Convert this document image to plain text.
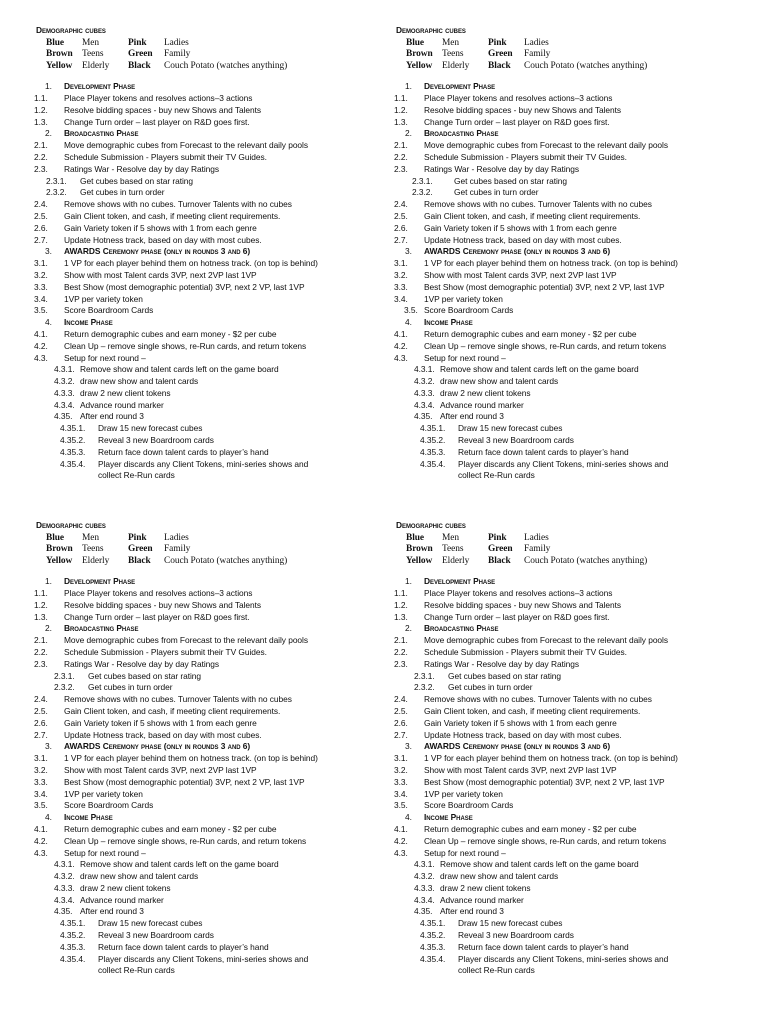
Demographic cubes
Blue	Men	Pink	Ladies
Brown Teens	Green	Family
Yellow	Elderly	Black	Couch Potato (watches anything)
1.	Development Phase
1.1.	Place Player tokens and resolves actions–3 actions
1.2.	Resolve bidding spaces - buy new Shows and Talents
1.3.	Change Turn order – last player on R&D goes first.
2.	Broadcasting Phase
2.1.	Move demographic cubes from Forecast to the relevant daily pools
2.2.	Schedule Submission - Players submit their TV Guides.
2.3.	Ratings War - Resolve day by day Ratings
2.3.1.	Get cubes based on star rating
2.3.2.	Get cubes in turn order
2.4.	Remove shows with no cubes. Turnover Talents with no cubes
2.5.	Gain Client token, and cash, if meeting client requirements.
2.6.	Gain Variety token if 5 shows with 1 from each genre
2.7.	Update Hotness track, based on day with most cubes.
3.	AWARDS Ceremony phase (only in rounds 3 and 6)
3.1.	1 VP for each player behind them on hotness track. (on top is behind)
3.2.	Show with most Talent cards 3VP, next 2VP last 1VP
3.3.	Best Show (most demographic potential) 3VP, next 2 VP, last 1VP
3.4.	1VP per variety token
3.5.	Score Boardroom Cards
4.	Income Phase
4.1.	Return demographic cubes and earn money - $2 per cube
4.2.	Clean Up – remove single shows, re-Run cards, and return tokens
4.3.	Setup for next round –
4.3.1. Remove show and talent cards left on the game board
4.3.2. draw new show and talent cards
4.3.3. draw 2 new client tokens
4.3.4. Advance round marker
4.35. After end round 3
4.35.1.	Draw 15 new forecast cubes
4.35.2.	Reveal 3 new Boardroom cards
4.35.3.	Return face down talent cards to player’s hand
4.35.4.	Player discards any Client Tokens, mini-series shows and
collect Re-Run cards
Demographic cubes
Blue	Men	Pink	Ladies
Brown Teens	Green	Family
Yellow	Elderly	Black	Couch Potato (watches anything)
1.	Development Phase
1.1.	Place Player tokens and resolves actions–3 actions
1.2.	Resolve bidding spaces - buy new Shows and Talents
1.3.	Change Turn order – last player on R&D goes first.
2.	Broadcasting Phase
2.1.	Move demographic cubes from Forecast to the relevant daily pools
2.2.	Schedule Submission - Players submit their TV Guides.
2.3.	Ratings War - Resolve day by day Ratings
2.3.1.	Get cubes based on star rating
2.3.2.	Get cubes in turn order
2.4.	Remove shows with no cubes. Turnover Talents with no cubes
2.5.	Gain Client token, and cash, if meeting client requirements.
2.6.	Gain Variety token if 5 shows with 1 from each genre
2.7.	Update Hotness track, based on day with most cubes.
3.	AWARDS Ceremony phase (only in rounds 3 and 6)
3.1.	1 VP for each player behind them on hotness track. (on top is behind)
3.2.	Show with most Talent cards 3VP, next 2VP last 1VP
3.3.	Best Show (most demographic potential) 3VP, next 2 VP, last 1VP
3.4.	1VP per variety token
3.5. Score Boardroom Cards
4.	Income Phase
4.1.	Return demographic cubes and earn money - $2 per cube
4.2.	Clean Up – remove single shows, re-Run cards, and return tokens
4.3.	Setup for next round –
4.3.1. Remove show and talent cards left on the game board
4.3.2. draw new show and talent cards
4.3.3. draw 2 new client tokens
4.3.4. Advance round marker
4.35. After end round 3
4.35.1.	Draw 15 new forecast cubes
4.35.2.	Reveal 3 new Boardroom cards
4.35.3.	Return face down talent cards to player’s hand
4.35.4.	Player discards any Client Tokens, mini-series shows and
collect Re-Run cards
Demographic cubes
Blue	Men	Pink	Ladies
Brown Teens	Green	Family
Yellow	Elderly	Black	Couch Potato (watches anything)
1.	Development Phase
1.1.	Place Player tokens and resolves actions–3 actions
1.2.	Resolve bidding spaces - buy new Shows and Talents
1.3.	Change Turn order – last player on R&D goes first.
2.	Broadcasting Phase
2.1.	Move demographic cubes from Forecast to the relevant daily pools
2.2.	Schedule Submission - Players submit their TV Guides.
2.3.	Ratings War - Resolve day by day Ratings
2.3.1.	Get cubes based on star rating
2.3.2.	Get cubes in turn order
2.4.	Remove shows with no cubes. Turnover Talents with no cubes
2.5.	Gain Client token, and cash, if meeting client requirements.
2.6.	Gain Variety token if 5 shows with 1 from each genre
2.7.	Update Hotness track, based on day with most cubes.
3.	AWARDS Ceremony phase (only in rounds 3 and 6)
3.1.	1 VP for each player behind them on hotness track. (on top is behind)
3.2.	Show with most Talent cards 3VP, next 2VP last 1VP
3.3.	Best Show (most demographic potential) 3VP, next 2 VP, last 1VP
3.4.	1VP per variety token
3.5.	Score Boardroom Cards
4.	Income Phase
4.1.	Return demographic cubes and earn money - $2 per cube
4.2.	Clean Up – remove single shows, re-Run cards, and return tokens
4.3.	Setup for next round –
4.3.1. Remove show and talent cards left on the game board
4.3.2. draw new show and talent cards
4.3.3. draw 2 new client tokens
4.3.4. Advance round marker
4.35. After end round 3
4.35.1.	Draw 15 new forecast cubes
4.35.2.	Reveal 3 new Boardroom cards
4.35.3.	Return face down talent cards to player’s hand
4.35.4.	Player discards any Client Tokens, mini-series shows and
collect Re-Run cards
Demographic cubes
Blue	Men	Pink	Ladies
Brown Teens	Green	Family
Yellow	Elderly	Black	Couch Potato (watches anything)
1.	Development Phase
1.1.	Place Player tokens and resolves actions–3 actions
1.2.	Resolve bidding spaces - buy new Shows and Talents
1.3.	Change Turn order – last player on R&D goes first.
2.	Broadcasting Phase
2.1.	Move demographic cubes from Forecast to the relevant daily pools
2.2.	Schedule Submission - Players submit their TV Guides.
2.3.	Ratings War - Resolve day by day Ratings
2.3.1.	Get cubes based on star rating
2.3.2.	Get cubes in turn order
2.4.	Remove shows with no cubes. Turnover Talents with no cubes
2.5.	Gain Client token, and cash, if meeting client requirements.
2.6.	Gain Variety token if 5 shows with 1 from each genre
2.7.	Update Hotness track, based on day with most cubes.
3.	AWARDS Ceremony phase (only in rounds 3 and 6)
3.1.	1 VP for each player behind them on hotness track. (on top is behind)
3.2.	Show with most Talent cards 3VP, next 2VP last 1VP
3.3.	Best Show (most demographic potential) 3VP, next 2 VP, last 1VP
3.4.	1VP per variety token
3.5.	Score Boardroom Cards
4.	Income Phase
4.1.	Return demographic cubes and earn money - $2 per cube
4.2.	Clean Up – remove single shows, re-Run cards, and return tokens
4.3.	Setup for next round –
4.3.1. Remove show and talent cards left on the game board
4.3.2. draw new show and talent cards
4.3.3. draw 2 new client tokens
4.3.4. Advance round marker
4.35. After end round 3
4.35.1.	Draw 15 new forecast cubes
4.35.2.	Reveal 3 new Boardroom cards
4.35.3.	Return face down talent cards to player’s hand
4.35.4.	Player discards any Client Tokens, mini-series shows and
collect Re-Run cards
